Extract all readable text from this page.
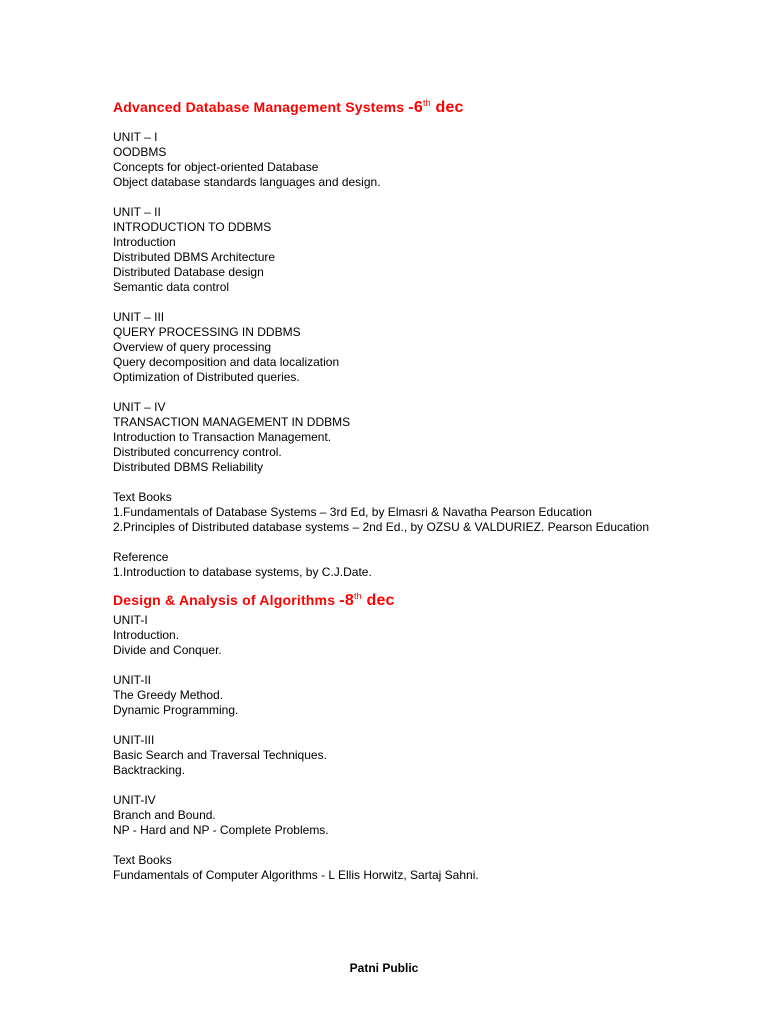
Advanced Database Management Systems -6th dec
UNIT – I
OODBMS
Concepts for object-oriented Database
Object database standards languages and design.
UNIT – II
INTRODUCTION TO DDBMS
Introduction
Distributed DBMS Architecture
Distributed Database design
Semantic data control
UNIT – III
QUERY PROCESSING IN DDBMS
Overview of query processing
Query decomposition and data localization
Optimization of Distributed queries.
UNIT – IV
TRANSACTION MANAGEMENT IN DDBMS
Introduction to Transaction Management.
Distributed concurrency control.
Distributed DBMS Reliability
Text Books
1.Fundamentals of Database Systems – 3rd Ed, by Elmasri & Navatha Pearson Education
2.Principles of Distributed database systems – 2nd Ed., by OZSU & VALDURIEZ. Pearson Education
Reference
1.Introduction to database systems, by C.J.Date.
Design & Analysis of Algorithms -8th dec
UNIT-I
Introduction.
Divide and Conquer.
UNIT-II
The Greedy Method.
Dynamic Programming.
UNIT-III
Basic Search and Traversal Techniques.
Backtracking.
UNIT-IV
Branch and Bound.
NP - Hard and NP - Complete Problems.
Text Books
Fundamentals of Computer Algorithms - L Ellis Horwitz, Sartaj Sahni.
Patni Public
